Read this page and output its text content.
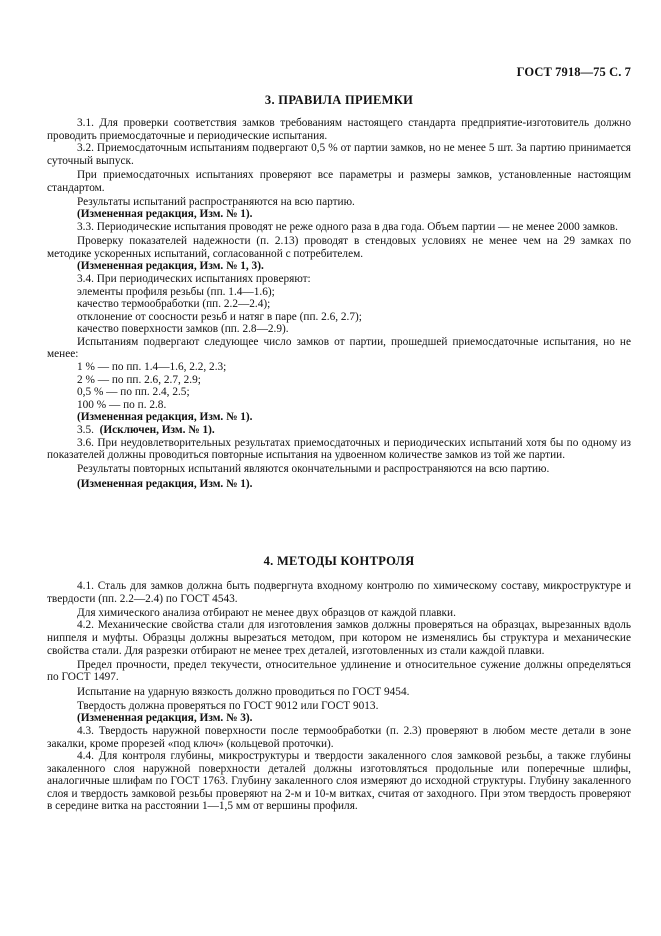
ГОСТ 7918—75 С. 7
3. ПРАВИЛА ПРИЕМКИ

3.1. Для проверки соответствия замков требованиям настоящего стандарта предприятие-изготовитель должно проводить приемосдаточные и периодические испытания.

3.2. Приемосдаточным испытаниям подвергают 0,5 % от партии замков, но не менее 5 шт. За партию принимается суточный выпуск.

При приемосдаточных испытаниях проверяют все параметры и размеры замков, установленные настоящим стандартом.

Результаты испытаний распространяются на всю партию.

(Измененная редакция, Изм. № 1).

3.3. Периодические испытания проводят не реже одного раза в два года. Объем партии — не менее 2000 замков.

Проверку показателей надежности (п. 2.13) проводят в стендовых условиях не менее чем на 29 замках по методике ускоренных испытаний, согласованной с потребителем.

(Измененная редакция, Изм. № 1, 3).

3.4. При периодических испытаниях проверяют:

элементы профиля резьбы (пп. 1.4—1.6);

качество термообработки (пп. 2.2—2.4);

отклонение от соосности резьб и натяг в паре (пп. 2.6, 2.7);

качество поверхности замков (пп. 2.8—2.9).

Испытаниям подвергают следующее число замков от партии, прошедшей приемосдаточные испытания, но не менее:

1 % — по пп. 1.4—1.6, 2.2, 2.3;

2 % — по пп. 2.6, 2.7, 2.9;

0,5 % — по пп. 2.4, 2.5;

100 % — по п. 2.8.

(Измененная редакция, Изм. № 1).

3.5. (Исключен, Изм. № 1).

3.6. При неудовлетворительных результатах приемосдаточных и периодических испытаний хотя бы по одному из показателей должны проводиться повторные испытания на удвоенном количестве замков из той же партии.

Результаты повторных испытаний являются окончательными и распространяются на всю партию.

(Измененная редакция, Изм. № 1).

4. МЕТОДЫ КОНТРОЛЯ

4.1. Сталь для замков должна быть подвергнута входному контролю по химическому составу, микроструктуре и твердости (пп. 2.2—2.4) по ГОСТ 4543.

Для химического анализа отбирают не менее двух образцов от каждой плавки.

4.2. Механические свойства стали для изготовления замков должны проверяться на образцах, вырезанных вдоль ниппеля и муфты. Образцы должны вырезаться методом, при котором не изменялись бы структура и механические свойства стали. Для разрезки отбирают не менее трех деталей, изготовленных из стали каждой плавки.

Предел прочности, предел текучести, относительное удлинение и относительное сужение должны определяться по ГОСТ 1497.

Испытание на ударную вязкость должно проводиться по ГОСТ 9454.

Твердость должна проверяться по ГОСТ 9012 или ГОСТ 9013.

(Измененная редакция, Изм. № 3).

4.3. Твердость наружной поверхности после термообработки (п. 2.3) проверяют в любом месте детали в зоне закалки, кроме прорезей «под ключ» (кольцевой проточки).

4.4. Для контроля глубины, микроструктуры и твердости закаленного слоя замковой резьбы, а также глубины закаленного слоя наружной поверхности деталей должны изготовляться продольные или поперечные шлифы, аналогичные шлифам по ГОСТ 1763. Глубину закаленного слоя измеряют до исходной структуры. Глубину закаленного слоя и твердость замковой резьбы проверяют на 2-м и 10-м витках, считая от заходного. При этом твердость проверяют в середине витка на расстоянии 1—1,5 мм от вершины профиля.
